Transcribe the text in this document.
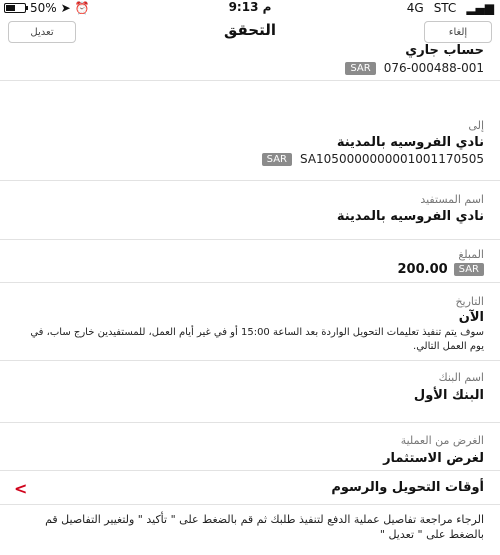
50% ➤ ⏰	9:13 م	4G STC ▂▄▆
تعديل	التحقق	إلغاء
حساب جاري
SAR	076-000488-001
إلى
نادي الفروسيه بالمدينة
SAR	SA1050000000001001170505
اسم المستفيد
نادي الفروسيه بالمدينة
المبلغ
200.00	SAR
التاريخ
الآن
سوف يتم تنفيذ تعليمات التحويل الواردة بعد الساعة 15:00 أو في غير أيام العمل، للمستفيدين خارج ساب، في يوم العمل التالي.
اسم البنك
البنك الأول
الغرض من العملية
لغرض الاستثمار
أوقات التحويل والرسوم
<
الرجاء مراجعة تفاصيل عملية الدفع لتنفيذ طلبك ثم قم بالضغط على " تأكيد " ولتغيير التفاصيل قم بالضغط على " تعديل "
